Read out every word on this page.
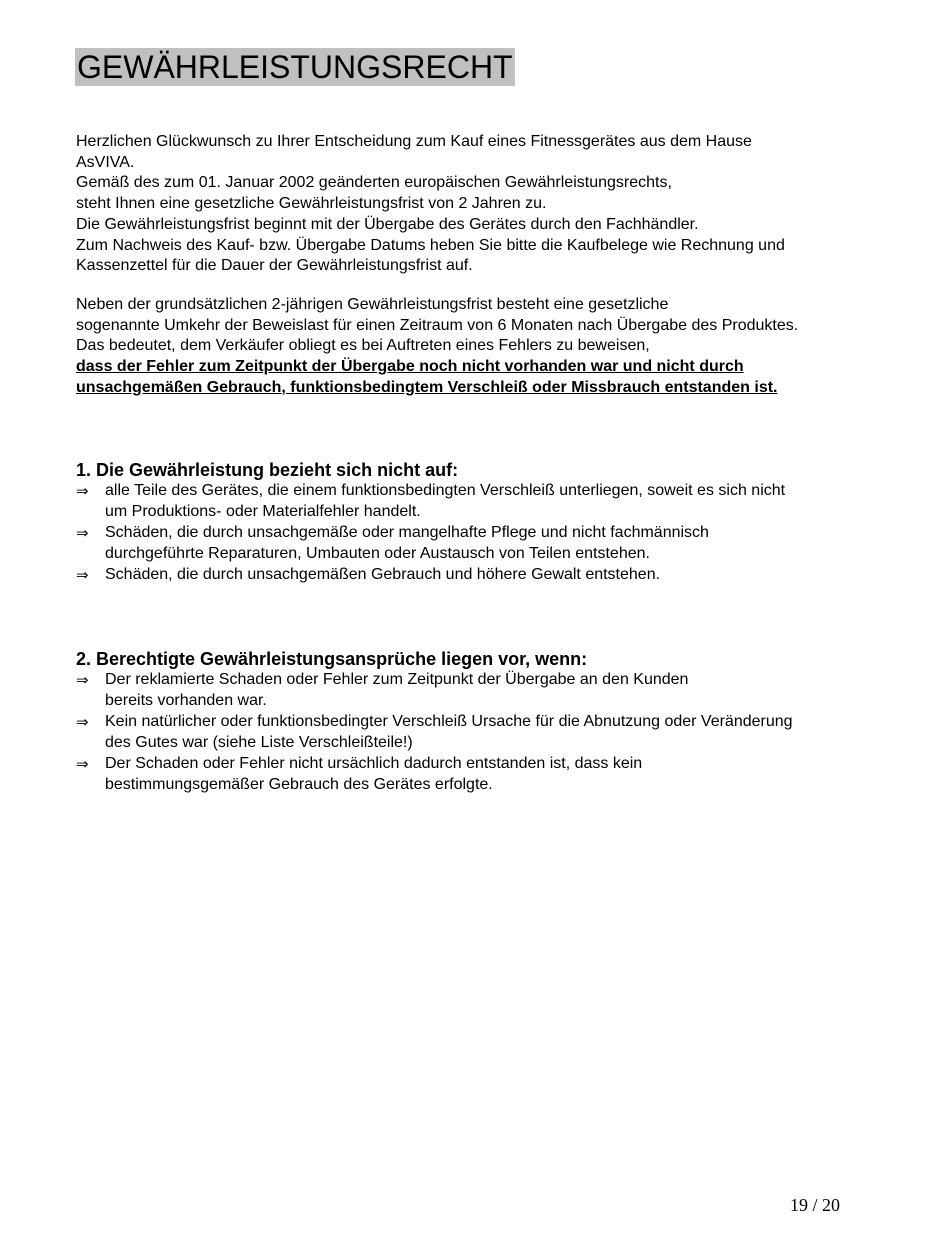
GEWÄHRLEISTUNGSRECHT
Herzlichen Glückwunsch zu Ihrer Entscheidung zum Kauf eines Fitnessgerätes aus dem Hause
AsVIVA.
Gemäß des zum 01. Januar 2002 geänderten europäischen Gewährleistungsrechts,
steht Ihnen eine gesetzliche Gewährleistungsfrist von 2 Jahren zu.
Die Gewährleistungsfrist beginnt mit der Übergabe des Gerätes durch den Fachhändler.
Zum Nachweis des Kauf- bzw. Übergabe Datums heben Sie bitte die Kaufbelege wie Rechnung und
Kassenzettel für die Dauer der Gewährleistungsfrist auf.
Neben der grundsätzlichen 2-jährigen Gewährleistungsfrist besteht eine gesetzliche
sogenannte Umkehr der Beweislast für einen Zeitraum von 6 Monaten nach Übergabe des Produktes.
Das bedeutet, dem Verkäufer obliegt es bei Auftreten eines Fehlers zu beweisen,
dass der Fehler zum Zeitpunkt der Übergabe noch nicht vorhanden war und nicht durch
unsachgemäßen Gebrauch, funktionsbedingtem Verschleiß oder Missbrauch entstanden ist.
1. Die Gewährleistung bezieht sich nicht auf:
⇒ alle Teile des Gerätes, die einem funktionsbedingten Verschleiß unterliegen, soweit es sich nicht
um Produktions- oder Materialfehler handelt.
⇒ Schäden, die durch unsachgemäße oder mangelhafte Pflege und nicht fachmännisch
durchgeführte Reparaturen, Umbauten oder Austausch von Teilen entstehen.
⇒ Schäden, die durch unsachgemäßen Gebrauch und höhere Gewalt entstehen.
2. Berechtigte Gewährleistungsansprüche liegen vor, wenn:
⇒ Der reklamierte Schaden oder Fehler zum Zeitpunkt der Übergabe an den Kunden
bereits vorhanden war.
⇒ Kein natürlicher oder funktionsbedingter Verschleiß Ursache für die Abnutzung oder Veränderung
des Gutes war (siehe Liste Verschleißteile!)
⇒ Der Schaden oder Fehler nicht ursächlich dadurch entstanden ist, dass kein
bestimmungsgemäßer Gebrauch des Gerätes erfolgte.
19 / 20
